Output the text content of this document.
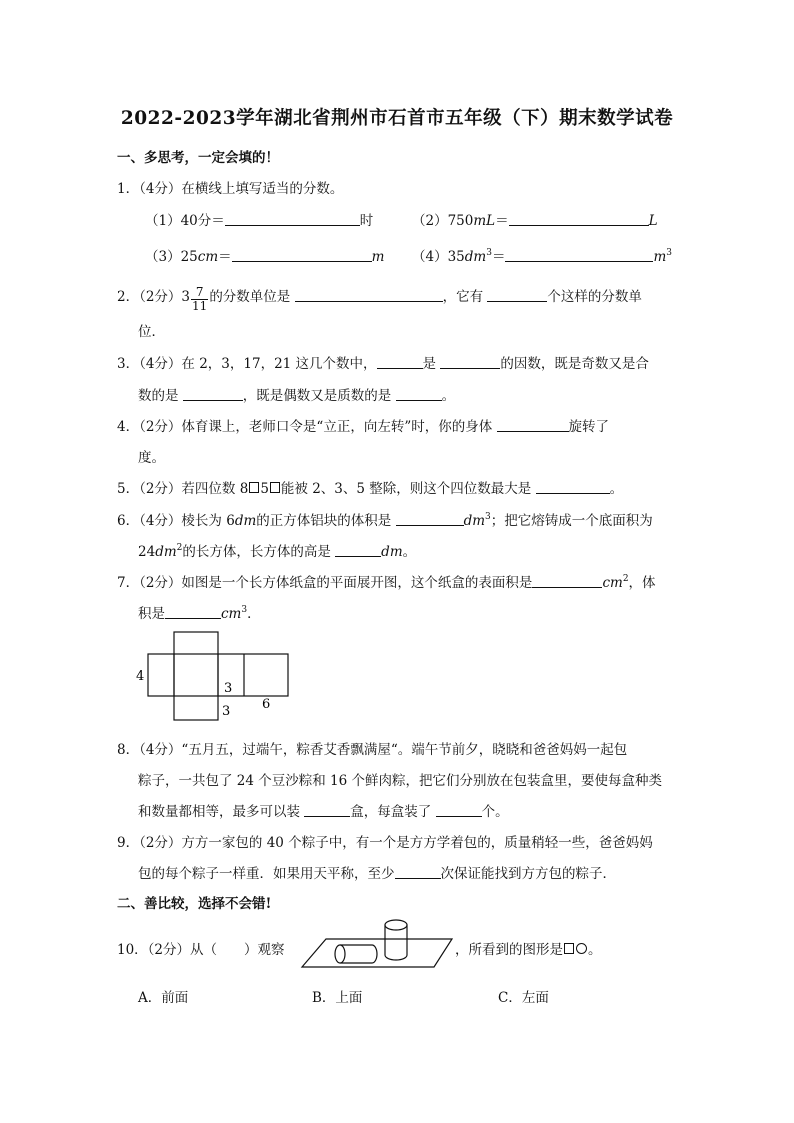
2022-2023学年湖北省荆州市石首市五年级（下）期末数学试卷
一、多思考，一定会填的！
1．（4分）在横线上填写适当的分数。
（1）40分＝	时	（2）750mL＝	L
（3）25cm＝	m $(4)35dm^3=$	$m^3$
2．（2分）$3 \frac{7}{11}$ 的分数单位是	，它有	个这样的分数单
位．
3．（4分）在 2，3，17，21 这几个数中，	是	的因数，既是奇数又是合
数的是	，既是偶数又是质数的是	。
4．（2分）体育课上，老师口令是“立正，向左转”时，你的身体	旋转了
度。
5．（2分）若四位数 8 5 能被 2、3、5 整除，则这个四位数最大是	。
6．（4分）棱长为 6dm的正方体铝块的体积是	$dm^3$；把它熔铸成一个底面积为
$24dm^2$的长方体，长方体的高是	dm。
7．（2分）如图是一个长方体纸盒的平面展开图，这个纸盒的表面积是	$cm^2$，体
积是	$cm^3$．
4
3
3 6
8．（4分）“五月五，过端午，粽香艾香飘满屋“。端午节前夕，晓晓和爸爸妈妈一起包
粽子，一共包了 24 个豆沙粽和 16 个鲜肉粽，把它们分别放在包装盒里，要使每盒种类
和数量都相等，最多可以装	盒，每盒装了	个。
9．（2分）方方一家包的 40 个粽子中，有一个是方方学着包的，质量稍轻一些，爸爸妈妈
包的每个粽子一样重．如果用天平称，至少	次保证能找到方方包的粽子．
二、善比较，选择不会错!
10．（2分）从（　　）观察	，所看到的图形是 。
A．前面	B．上面	C．左面
